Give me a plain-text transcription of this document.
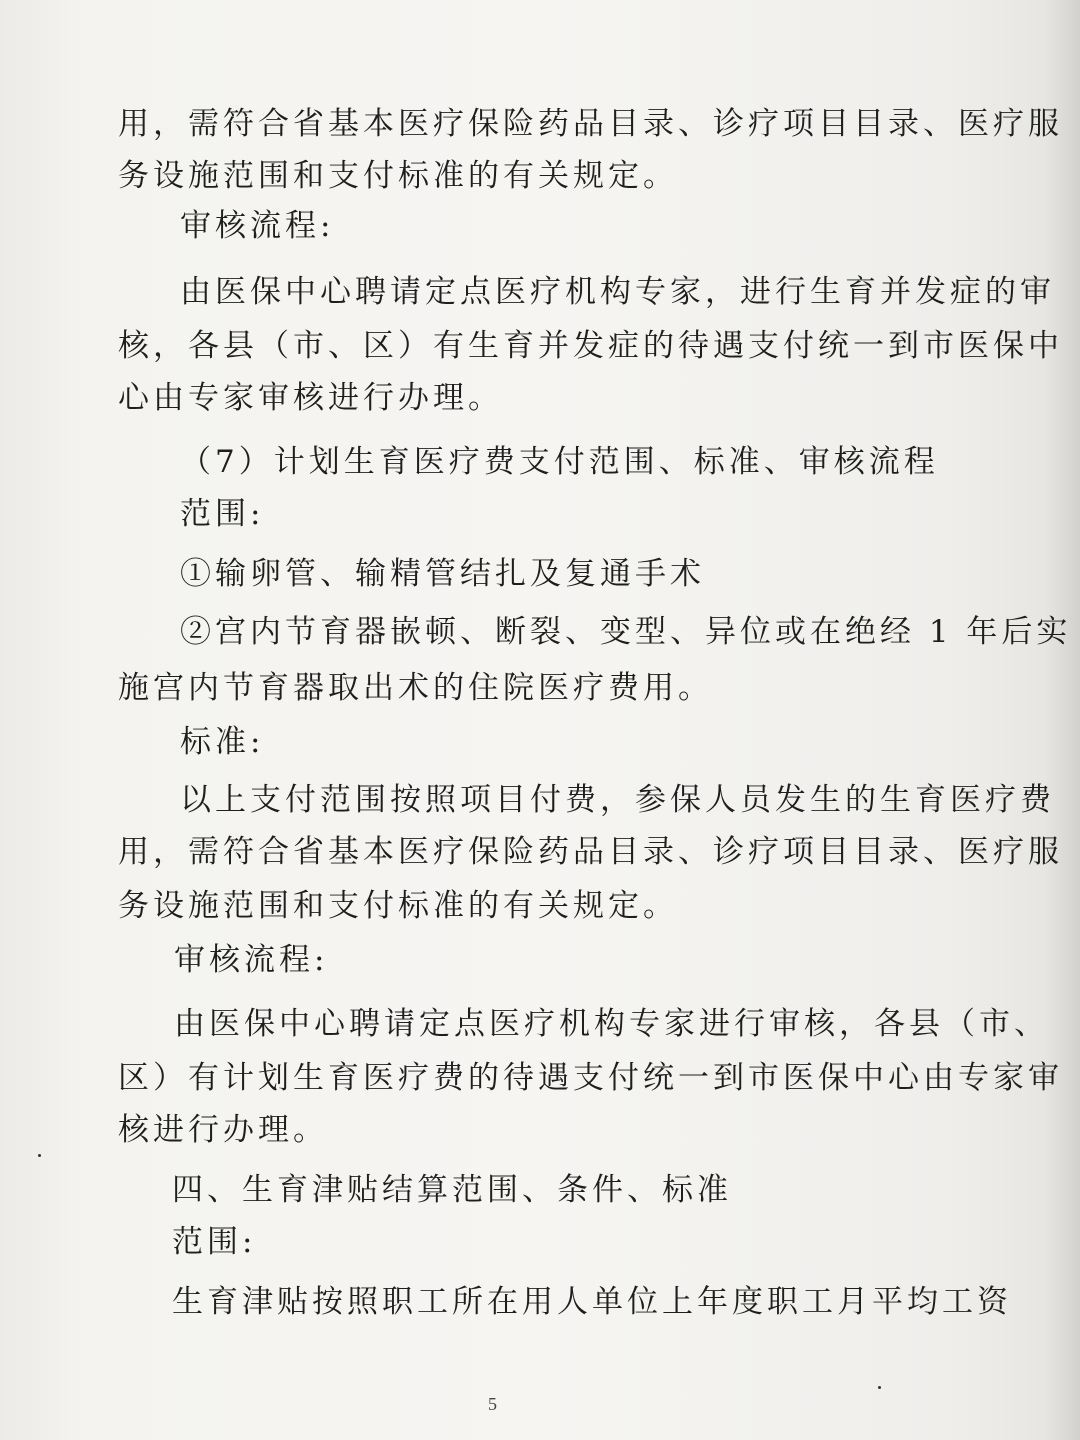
用，需符合省基本医疗保险药品目录、诊疗项目目录、医疗服
务设施范围和支付标准的有关规定。
审核流程:
由医保中心聘请定点医疗机构专家，进行生育并发症的审
核，各县（市、区）有生育并发症的待遇支付统一到市医保中
心由专家审核进行办理。
（7）计划生育医疗费支付范围、标准、审核流程
范围:
①输卵管、输精管结扎及复通手术
②宫内节育器嵌顿、断裂、变型、异位或在绝经 1 年后实
施宫内节育器取出术的住院医疗费用。
标准:
以上支付范围按照项目付费，参保人员发生的生育医疗费
用，需符合省基本医疗保险药品目录、诊疗项目目录、医疗服
务设施范围和支付标准的有关规定。
审核流程:
由医保中心聘请定点医疗机构专家进行审核，各县（市、
区）有计划生育医疗费的待遇支付统一到市医保中心由专家审
核进行办理。
四、生育津贴结算范围、条件、标准
范围:
生育津贴按照职工所在用人单位上年度职工月平均工资
5
